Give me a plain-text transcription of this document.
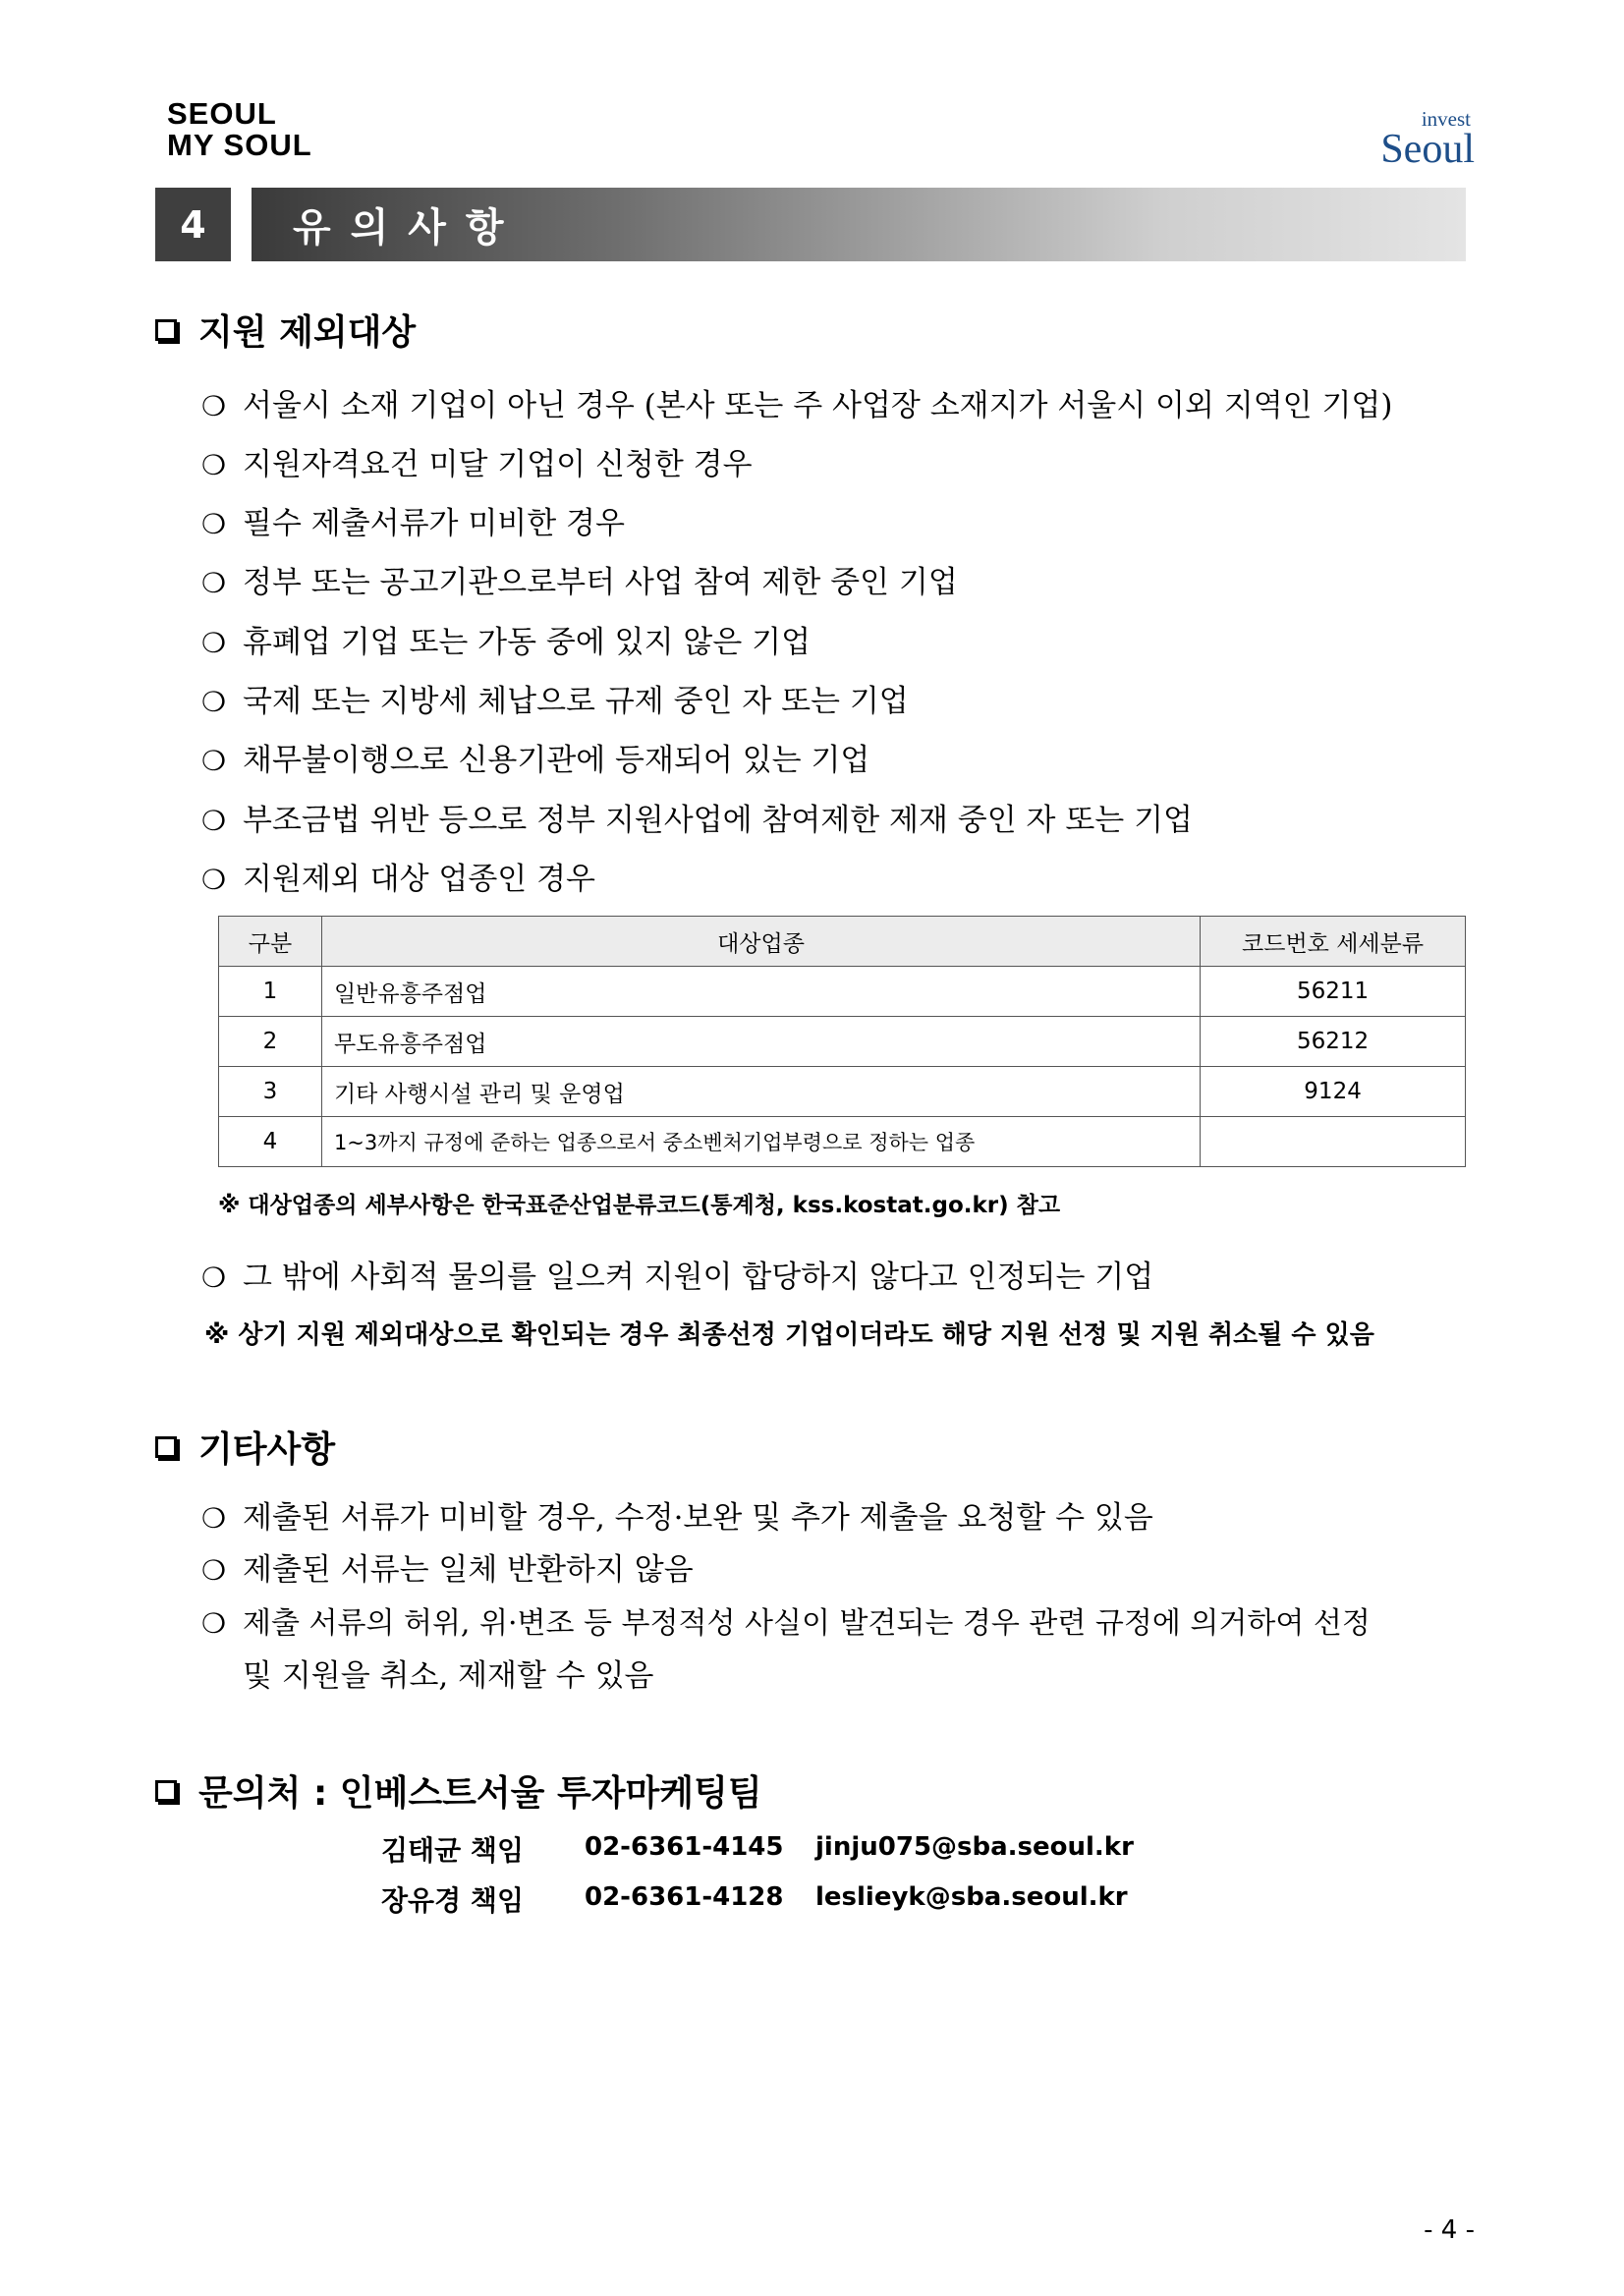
SEOUL
MY SOUL
invest
Seoul
4	유의사항
지원 제외대상
❍ 서울시 소재 기업이 아닌 경우 (본사 또는 주 사업장 소재지가 서울시 이외 지역인 기업)
❍ 지원자격요건 미달 기업이 신청한 경우
❍ 필수 제출서류가 미비한 경우
❍ 정부 또는 공고기관으로부터 사업 참여 제한 중인 기업
❍ 휴폐업 기업 또는 가동 중에 있지 않은 기업
❍ 국제 또는 지방세 체납으로 규제 중인 자 또는 기업
❍ 채무불이행으로 신용기관에 등재되어 있는 기업
❍ 부조금법 위반 등으로 정부 지원사업에 참여제한 제재 중인 자 또는 기업
❍ 지원제외 대상 업종인 경우
구분	대상업종	코드번호 세세분류
1	일반유흥주점업	56211
2	무도유흥주점업	56212
3	기타 사행시설 관리 및 운영업	9124
4	1~3까지 규정에 준하는 업종으로서 중소벤처기업부령으로 정하는 업종	
※ 대상업종의 세부사항은 한국표준산업분류코드(통계청, kss.kostat.go.kr) 참고
❍ 그 밖에 사회적 물의를 일으켜 지원이 합당하지 않다고 인정되는 기업
※ 상기 지원 제외대상으로 확인되는 경우 최종선정 기업이더라도 해당 지원 선정 및 지원 취소될 수 있음
기타사항
❍ 제출된 서류가 미비할 경우, 수정·보완 및 추가 제출을 요청할 수 있음
❍ 제출된 서류는 일체 반환하지 않음
❍ 제출 서류의 허위, 위·변조 등 부정적성 사실이 발견되는 경우 관련 규정에 의거하여 선정
및 지원을 취소, 제재할 수 있음
문의처 : 인베스트서울 투자마케팅팀
김태균 책임 02-6361-4145 jinju075@sba.seoul.kr
장유경 책임 02-6361-4128 leslieyk@sba.seoul.kr
- 4 -
